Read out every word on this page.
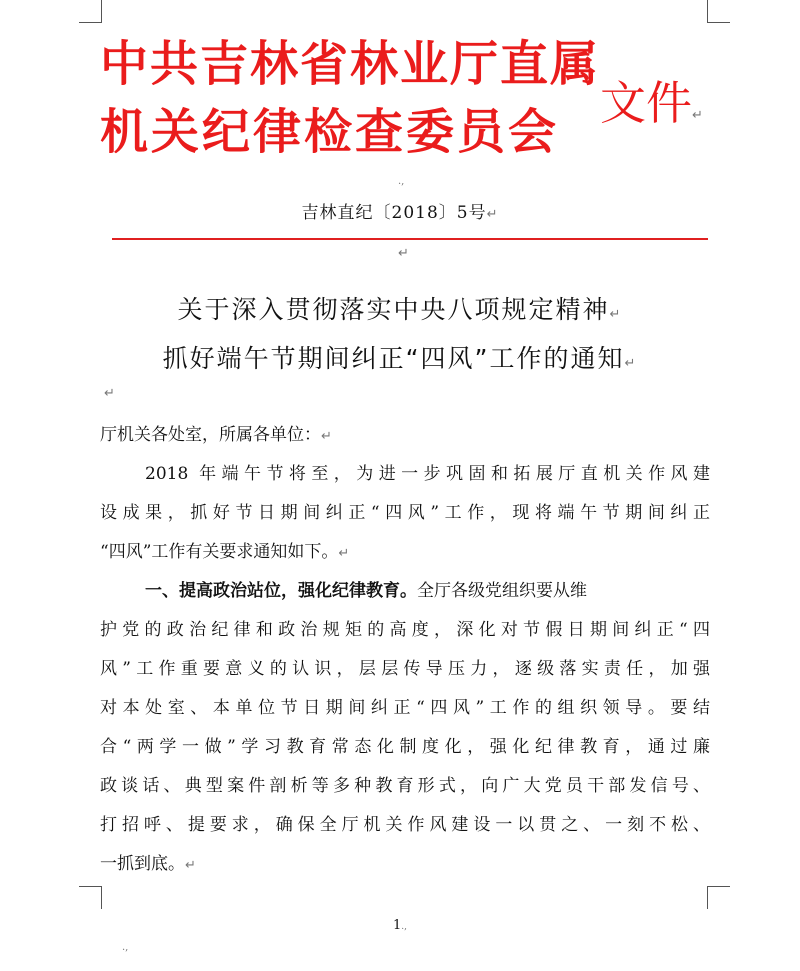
中共吉林省林业厅直属
机关纪律检查委员会
文件↵
.,
吉林直纪〔2018〕5号↵
↵
关于深入贯彻落实中央八项规定精神↵
抓好端午节期间纠正“四风”工作的通知↵
↵
厅机关各处室，所属各单位：↵
2018 年端午节将至，为进一步巩固和拓展厅直机关作风建
设成果，抓好节日期间纠正“四风”工作，现将端午节期间纠正
“四风”工作有关要求通知如下。↵
一、提高政治站位，强化纪律教育。全厅各级党组织要从维
护党的政治纪律和政治规矩的高度，深化对节假日期间纠正“四
风”工作重要意义的认识，层层传导压力，逐级落实责任，加强
对本处室、本单位节日期间纠正“四风”工作的组织领导。要结
合“两学一做”学习教育常态化制度化，强化纪律教育，通过廉
政谈话、典型案件剖析等多种教育形式，向广大党员干部发信号、
打招呼、提要求，确保全厅机关作风建设一以贯之、一刻不松、
一抓到底。↵
1.,
.,
